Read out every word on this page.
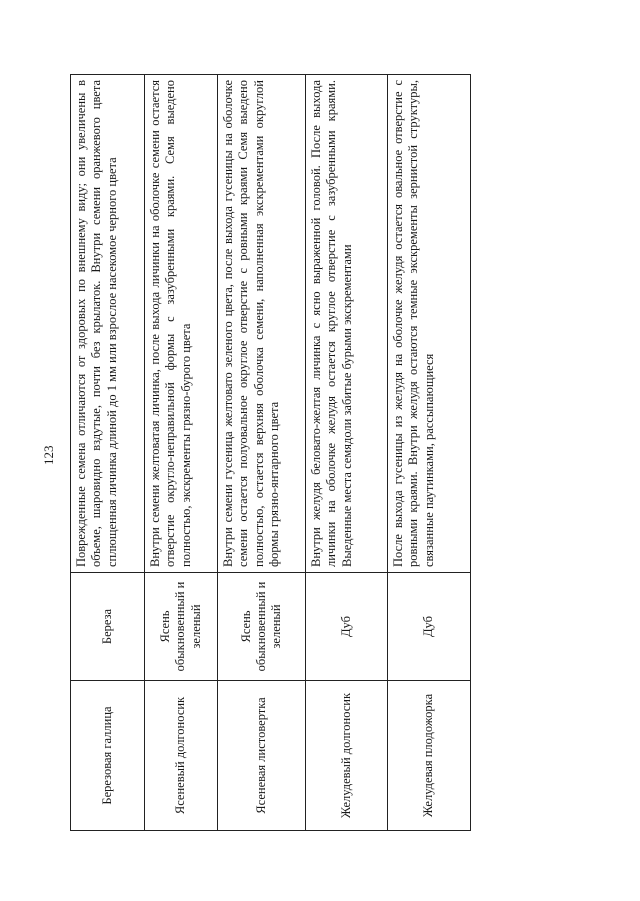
123
Березовая галлица	Береза	Поврежденные семена отличаются от здоровых по внешнему виду; они увеличены в объеме, шаровидно вздутые, почти без крылаток. Внутри семени оранжевого цвета сплющенная личинка длиной до 1 мм или взрослое насекомое черного цвета
Ясеневый долгоносик	Ясень обыкновенный и зеленый	Внутри семени желтоватая личинка, после выхода личинки на оболочке семени остается отверстие округло-неправильной формы с зазубренными краями. Семя выедено полностью, экскременты грязно-бурого цвета
Ясеневая листовертка	Ясень обыкновенный и зеленый	Внутри семени гусеница желтовато зеленого цвета, после выхода гусеницы на оболочке семени остается полуовальное округлое отверстие с ровными краями Семя выедено полностью, остается верхняя оболочка семени, наполненная экскрементами округлой формы грязно-янтарного цвета
Желудевый долгоносик	Дуб	Внутри желудя беловато-желтая личинка с ясно выраженной головой. После выхода личинки на оболочке желудя остается круглое отверстие с зазубренными краями. Выеденные места семядоли забитые бурыми экскрементами
Желудевая плодожорка	Дуб	После выхода гусеницы из желудя на оболочке желудя остается овальное отверстие с ровными краями. Внутри желудя остаются темные экскременты зернистой структуры, связанные паутинками, рассыпающиеся
